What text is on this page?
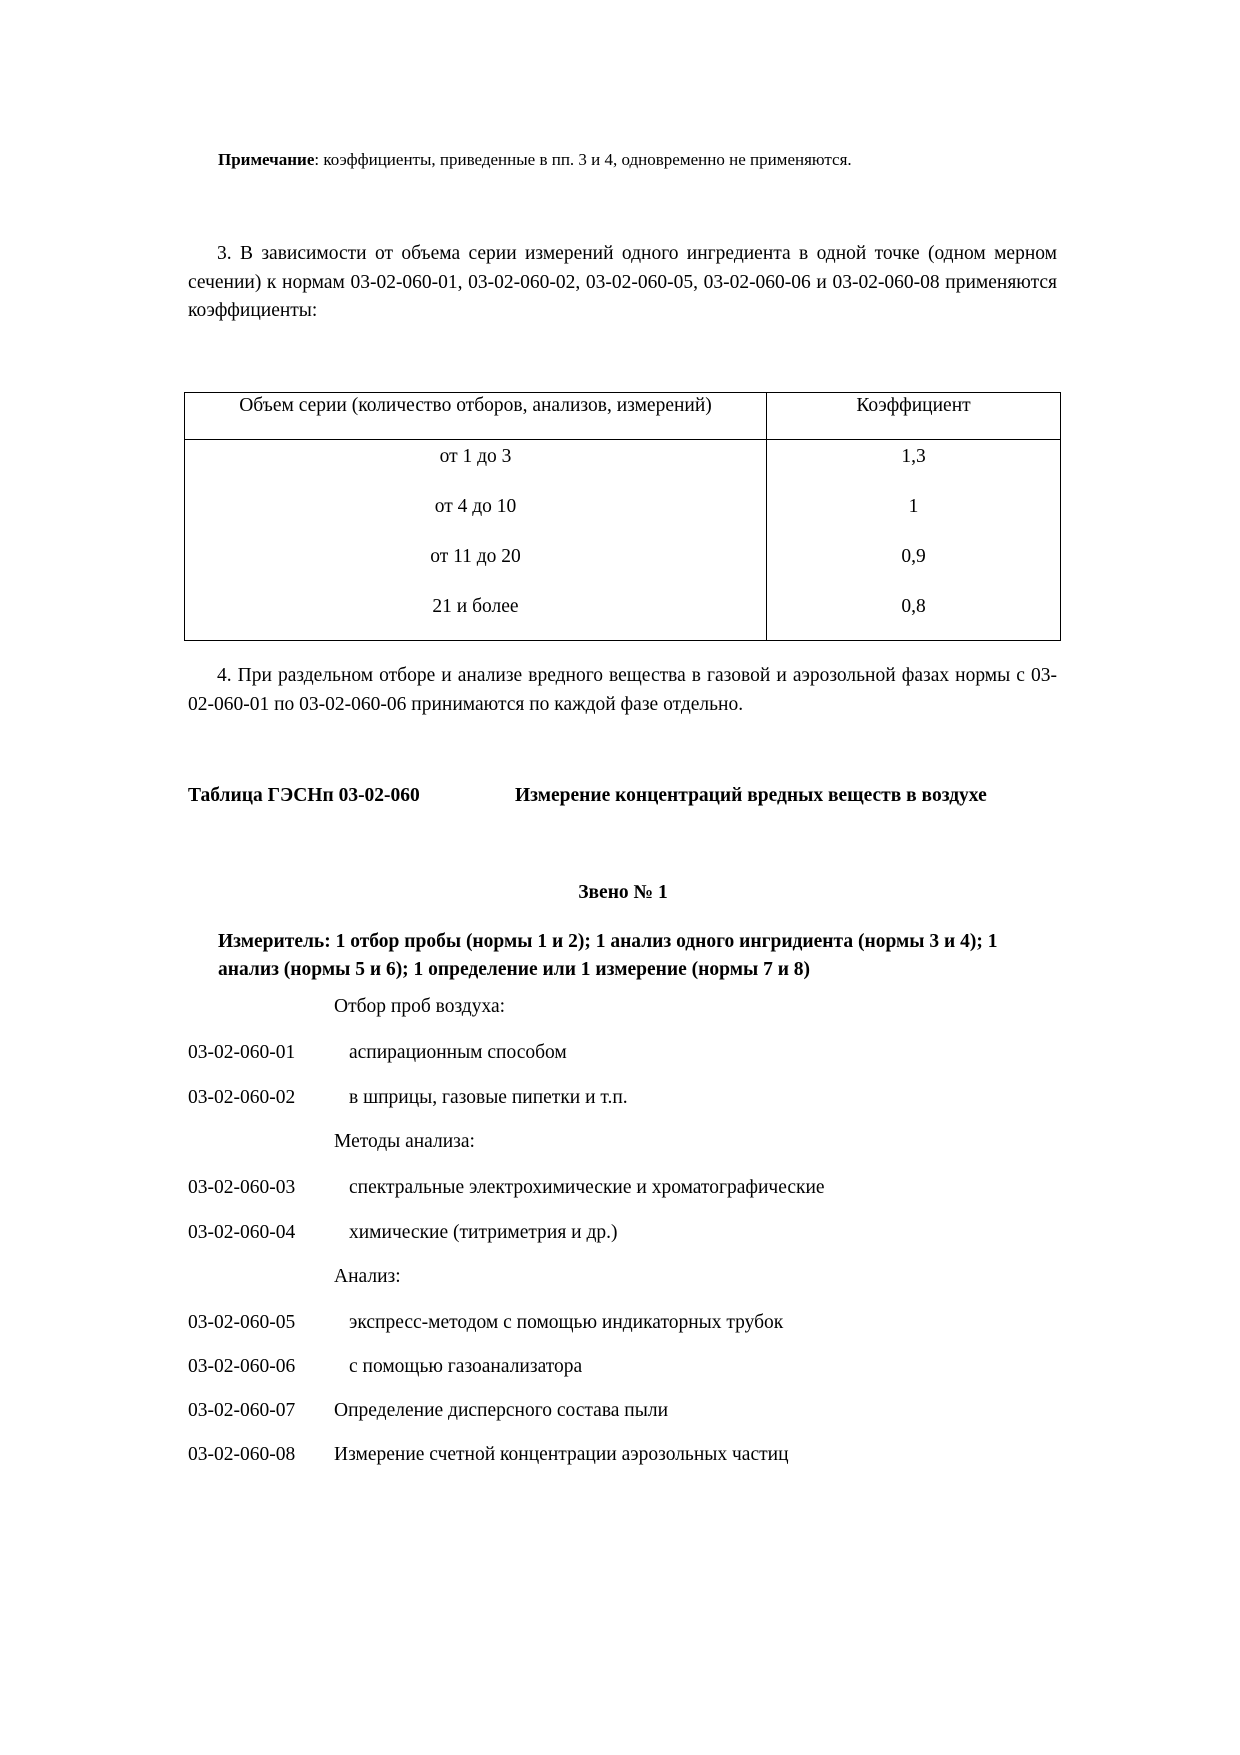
Примечание: коэффициенты, приведенные в пп. 3 и 4, одновременно не применяются.
3. В зависимости от объема серии измерений одного ингредиента в одной точке (одном мерном сечении) к нормам 03-02-060-01, 03-02-060-02, 03-02-060-05, 03-02-060-06 и 03-02-060-08 применяются коэффициенты:
Объем серии (количество отборов, анализов, измерений)	Коэффициент
от 1 до 3	1,3
от 4 до 10	1
от 11 до 20	0,9
21 и более	0,8
4. При раздельном отборе и анализе вредного вещества в газовой и аэрозольной фазах нормы с 03-02-060-01 по 03-02-060-06 принимаются по каждой фазе отдельно.
Таблица ГЭСНп 03-02-060	Измерение концентраций вредных веществ в воздухе
Звено № 1
Измеритель: 1 отбор пробы (нормы 1 и 2); 1 анализ одного ингридиента (нормы 3 и 4); 1 анализ (нормы 5 и 6); 1 определение или 1 измерение (нормы 7 и 8)
Отбор проб воздуха:
03-02-060-01	аспирационным способом
03-02-060-02	в шприцы, газовые пипетки и т.п.
Методы анализа:
03-02-060-03	спектральные электрохимические и хроматографические
03-02-060-04	химические (титриметрия и др.)
Анализ:
03-02-060-05	экспресс-методом с помощью индикаторных трубок
03-02-060-06	с помощью газоанализатора
03-02-060-07 Определение дисперсного состава пыли
03-02-060-08 Измерение счетной концентрации аэрозольных частиц
